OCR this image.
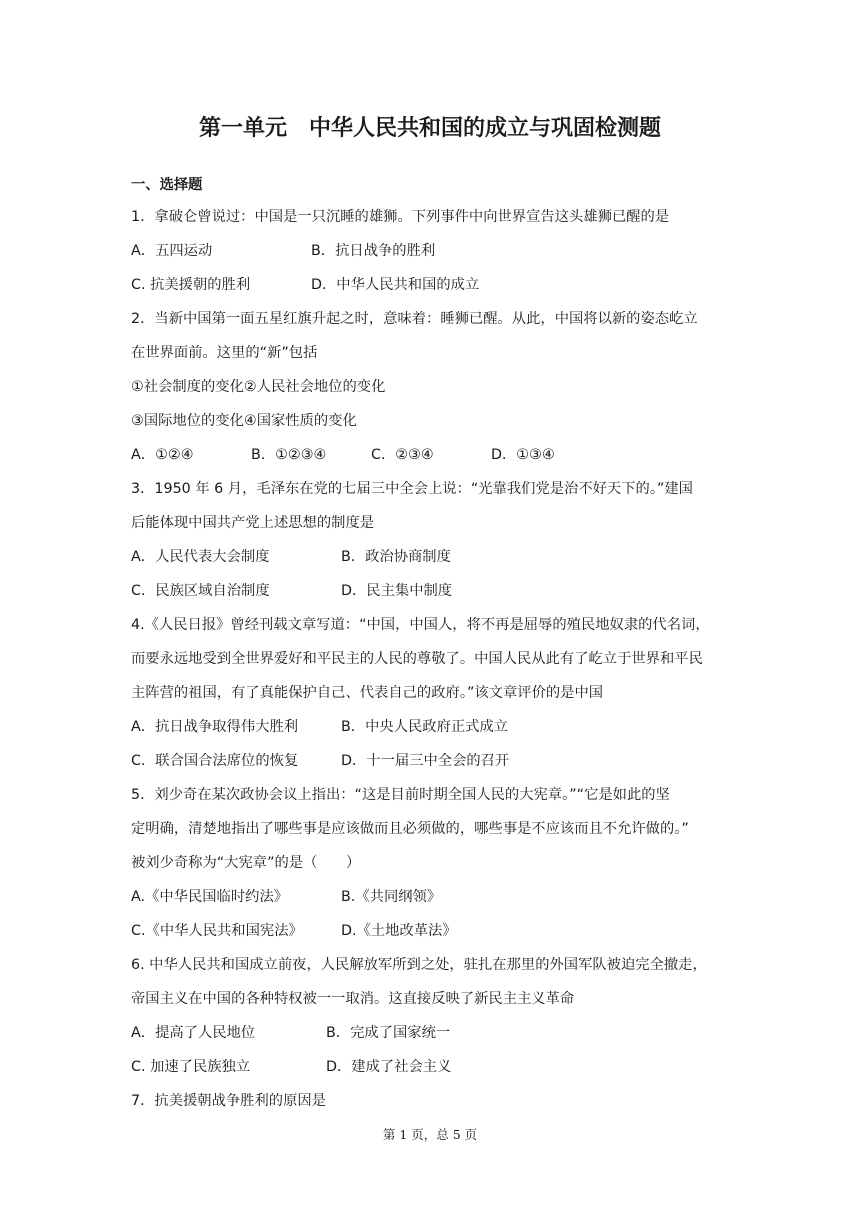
第一单元　中华人民共和国的成立与巩固检测题
一、选择题
1．拿破仑曾说过：中国是一只沉睡的雄狮。下列事件中向世界宣告这头雄狮已醒的是
A．五四运动	B．抗日战争的胜利
C. 抗美援朝的胜利	D．中华人民共和国的成立
2．当新中国第一面五星红旗升起之时，意味着：睡狮已醒。从此，中国将以新的姿态屹立
在世界面前。这里的“新”包括
①社会制度的变化②人民社会地位的变化
③国际地位的变化④国家性质的变化
A．①②④	B．①②③④	C．②③④	D．①③④
3．1950 年 6 月，毛泽东在党的七届三中全会上说：“光靠我们党是治不好天下的。”建国
后能体现中国共产党上述思想的制度是
A．人民代表大会制度	B．政治协商制度
C．民族区域自治制度	D．民主集中制度
4.《人民日报》曾经刊载文章写道：“中国，中国人，将不再是屈辱的殖民地奴隶的代名词，
而要永远地受到全世界爱好和平民主的人民的尊敬了。中国人民从此有了屹立于世界和平民
主阵营的祖国，有了真能保护自己、代表自己的政府。”该文章评价的是中国
A．抗日战争取得伟大胜利	B．中央人民政府正式成立
C．联合国合法席位的恢复	D．十一届三中全会的召开
5．刘少奇在某次政协会议上指出：“这是目前时期全国人民的大宪章。”“它是如此的坚
定明确，清楚地指出了哪些事是应该做而且必须做的，哪些事是不应该而且不允许做的。”
被刘少奇称为“大宪章”的是（　　）
A.《中华民国临时约法》	B.《共同纲领》
C.《中华人民共和国宪法》	D.《土地改革法》
6. 中华人民共和国成立前夜，人民解放军所到之处，驻扎在那里的外国军队被迫完全撤走，
帝国主义在中国的各种特权被一一取消。这直接反映了新民主主义革命
A．提高了人民地位	B．完成了国家统一
C. 加速了民族独立	D．建成了社会主义
7．抗美援朝战争胜利的原因是
第 1 页，总 5 页
